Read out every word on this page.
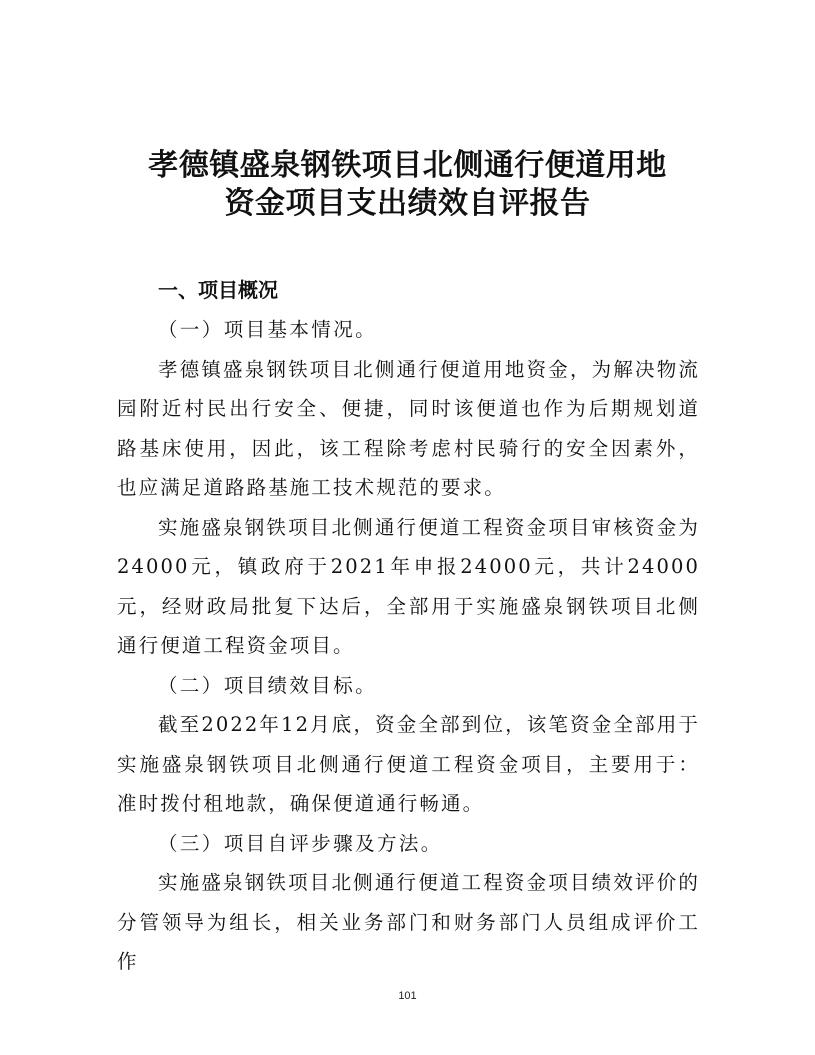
孝德镇盛泉钢铁项目北侧通行便道用地
资金项目支出绩效自评报告
一、项目概况

（一）项目基本情况。

孝德镇盛泉钢铁项目北侧通行便道用地资金，为解决物流园附近村民出行安全、便捷，同时该便道也作为后期规划道路基床使用，因此，该工程除考虑村民骑行的安全因素外，也应满足道路路基施工技术规范的要求。

实施盛泉钢铁项目北侧通行便道工程资金项目审核资金为24000元，镇政府于2021年申报24000元，共计24000元，经财政局批复下达后，全部用于实施盛泉钢铁项目北侧通行便道工程资金项目。

（二）项目绩效目标。

截至2022年12月底，资金全部到位，该笔资金全部用于实施盛泉钢铁项目北侧通行便道工程资金项目，主要用于：准时拨付租地款，确保便道通行畅通。

（三）项目自评步骤及方法。

实施盛泉钢铁项目北侧通行便道工程资金项目绩效评价的分管领导为组长，相关业务部门和财务部门人员组成评价工作

101
